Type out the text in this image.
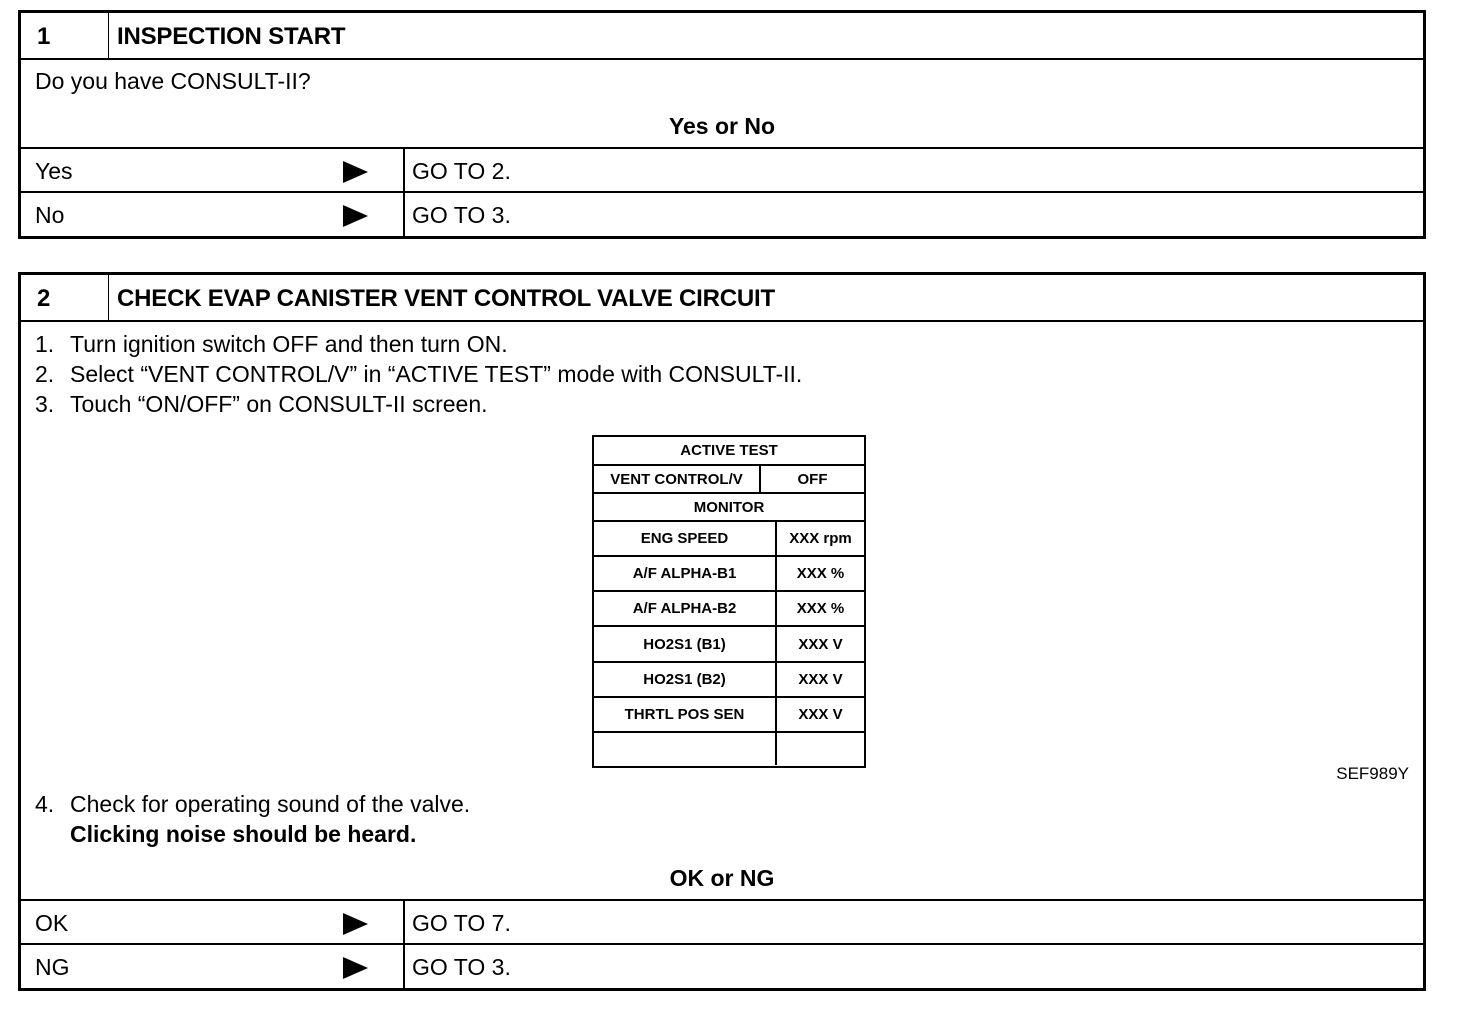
1	INSPECTION START
Do you have CONSULT-II?
Yes or No
Yes	GO TO 2.
No	GO TO 3.
2	CHECK EVAP CANISTER VENT CONTROL VALVE CIRCUIT
1. Turn ignition switch OFF and then turn ON.
2. Select “VENT CONTROL/V” in “ACTIVE TEST” mode with CONSULT-II.
3. Touch “ON/OFF” on CONSULT-II screen.
ACTIVE TEST
VENT CONTROL/V	OFF
MONITOR
ENG SPEED	XXX rpm
A/F ALPHA-B1	XXX %
A/F ALPHA-B2	XXX %
HO2S1 (B1)	XXX V
HO2S1 (B2)	XXX V
THRTL POS SEN	XXX V
SEF989Y
4. Check for operating sound of the valve.
Clicking noise should be heard.
OK or NG
OK	GO TO 7.
NG	GO TO 3.
